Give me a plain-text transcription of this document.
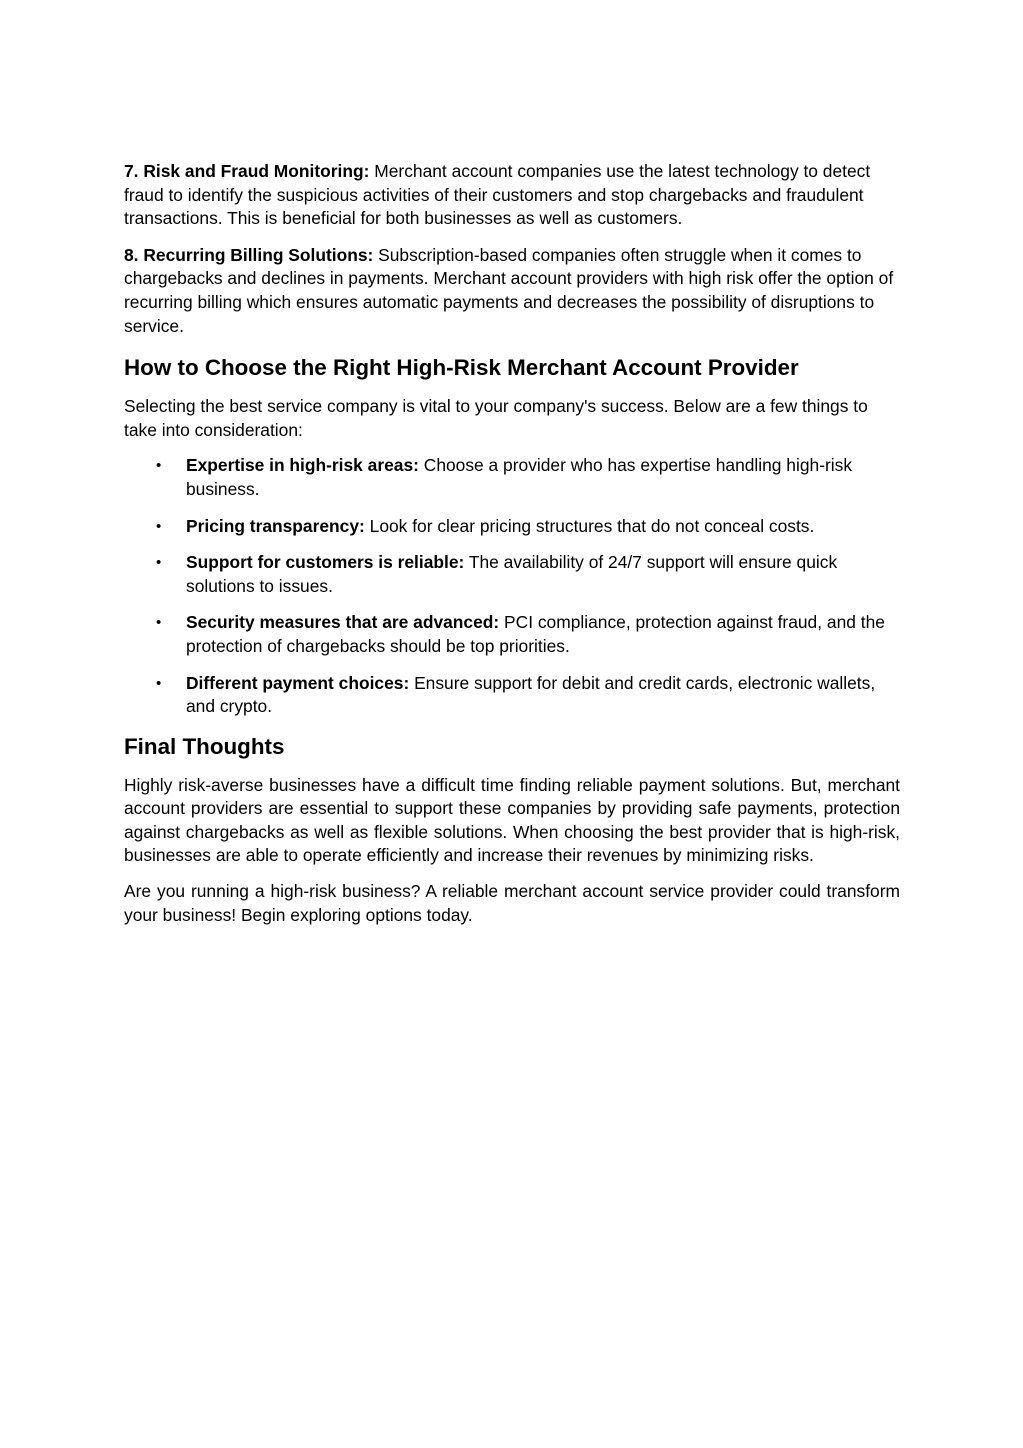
7. Risk and Fraud Monitoring: Merchant account companies use the latest technology to detect fraud to identify the suspicious activities of their customers and stop chargebacks and fraudulent transactions. This is beneficial for both businesses as well as customers.

8. Recurring Billing Solutions: Subscription-based companies often struggle when it comes to chargebacks and declines in payments. Merchant account providers with high risk offer the option of recurring billing which ensures automatic payments and decreases the possibility of disruptions to service.

How to Choose the Right High-Risk Merchant Account Provider

Selecting the best service company is vital to your company's success. Below are a few things to take into consideration:

• Expertise in high-risk areas: Choose a provider who has expertise handling high-risk business.
• Pricing transparency: Look for clear pricing structures that do not conceal costs.
• Support for customers is reliable: The availability of 24/7 support will ensure quick solutions to issues.
• Security measures that are advanced: PCI compliance, protection against fraud, and the protection of chargebacks should be top priorities.
• Different payment choices: Ensure support for debit and credit cards, electronic wallets, and crypto.
Final Thoughts

Highly risk-averse businesses have a difficult time finding reliable payment solutions. But, merchant account providers are essential to support these companies by providing safe payments, protection against chargebacks as well as flexible solutions. When choosing the best provider that is high-risk, businesses are able to operate efficiently and increase their revenues by minimizing risks.

Are you running a high-risk business? A reliable merchant account service provider could transform your business! Begin exploring options today.
